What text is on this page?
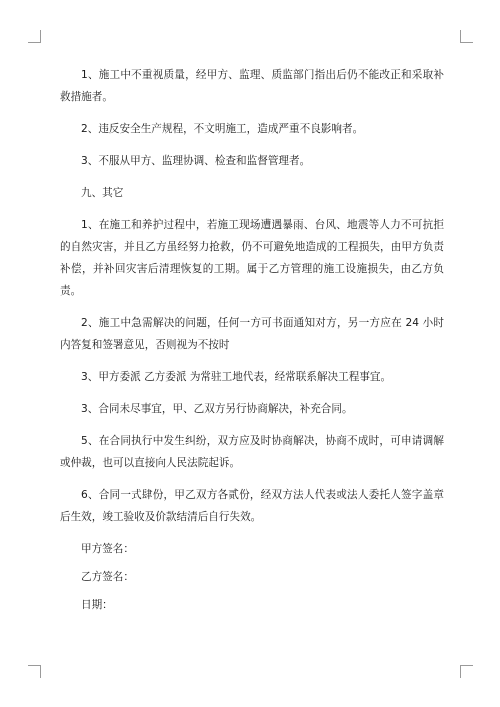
1、施工中不重视质量，经甲方、监理、质监部门指出后仍不能改正和采取补救措施者。

2、违反安全生产规程，不文明施工，造成严重不良影响者。

3、不服从甲方、监理协调、检查和监督管理者。

九、其它

1、在施工和养护过程中，若施工现场遭遇暴雨、台风、地震等人力不可抗拒的自然灾害，并且乙方虽经努力抢救，仍不可避免地造成的工程损失，由甲方负责补偿，并补回灾害后清理恢复的工期。属于乙方管理的施工设施损失，由乙方负责。

2、施工中急需解决的问题，任何一方可书面通知对方，另一方应在 24 小时内答复和签署意见，否则视为不按时

3、甲方委派 乙方委派 为常驻工地代表，经常联系解决工程事宜。

3、合同未尽事宜，甲、乙双方另行协商解决，补充合同。

5、在合同执行中发生纠纷，双方应及时协商解决，协商不成时，可申请调解或仲裁，也可以直接向人民法院起诉。

6、合同一式肆份，甲乙双方各贰份，经双方法人代表或法人委托人签字盖章后生效，竣工验收及价款结清后自行失效。

甲方签名：

乙方签名：

日期：
